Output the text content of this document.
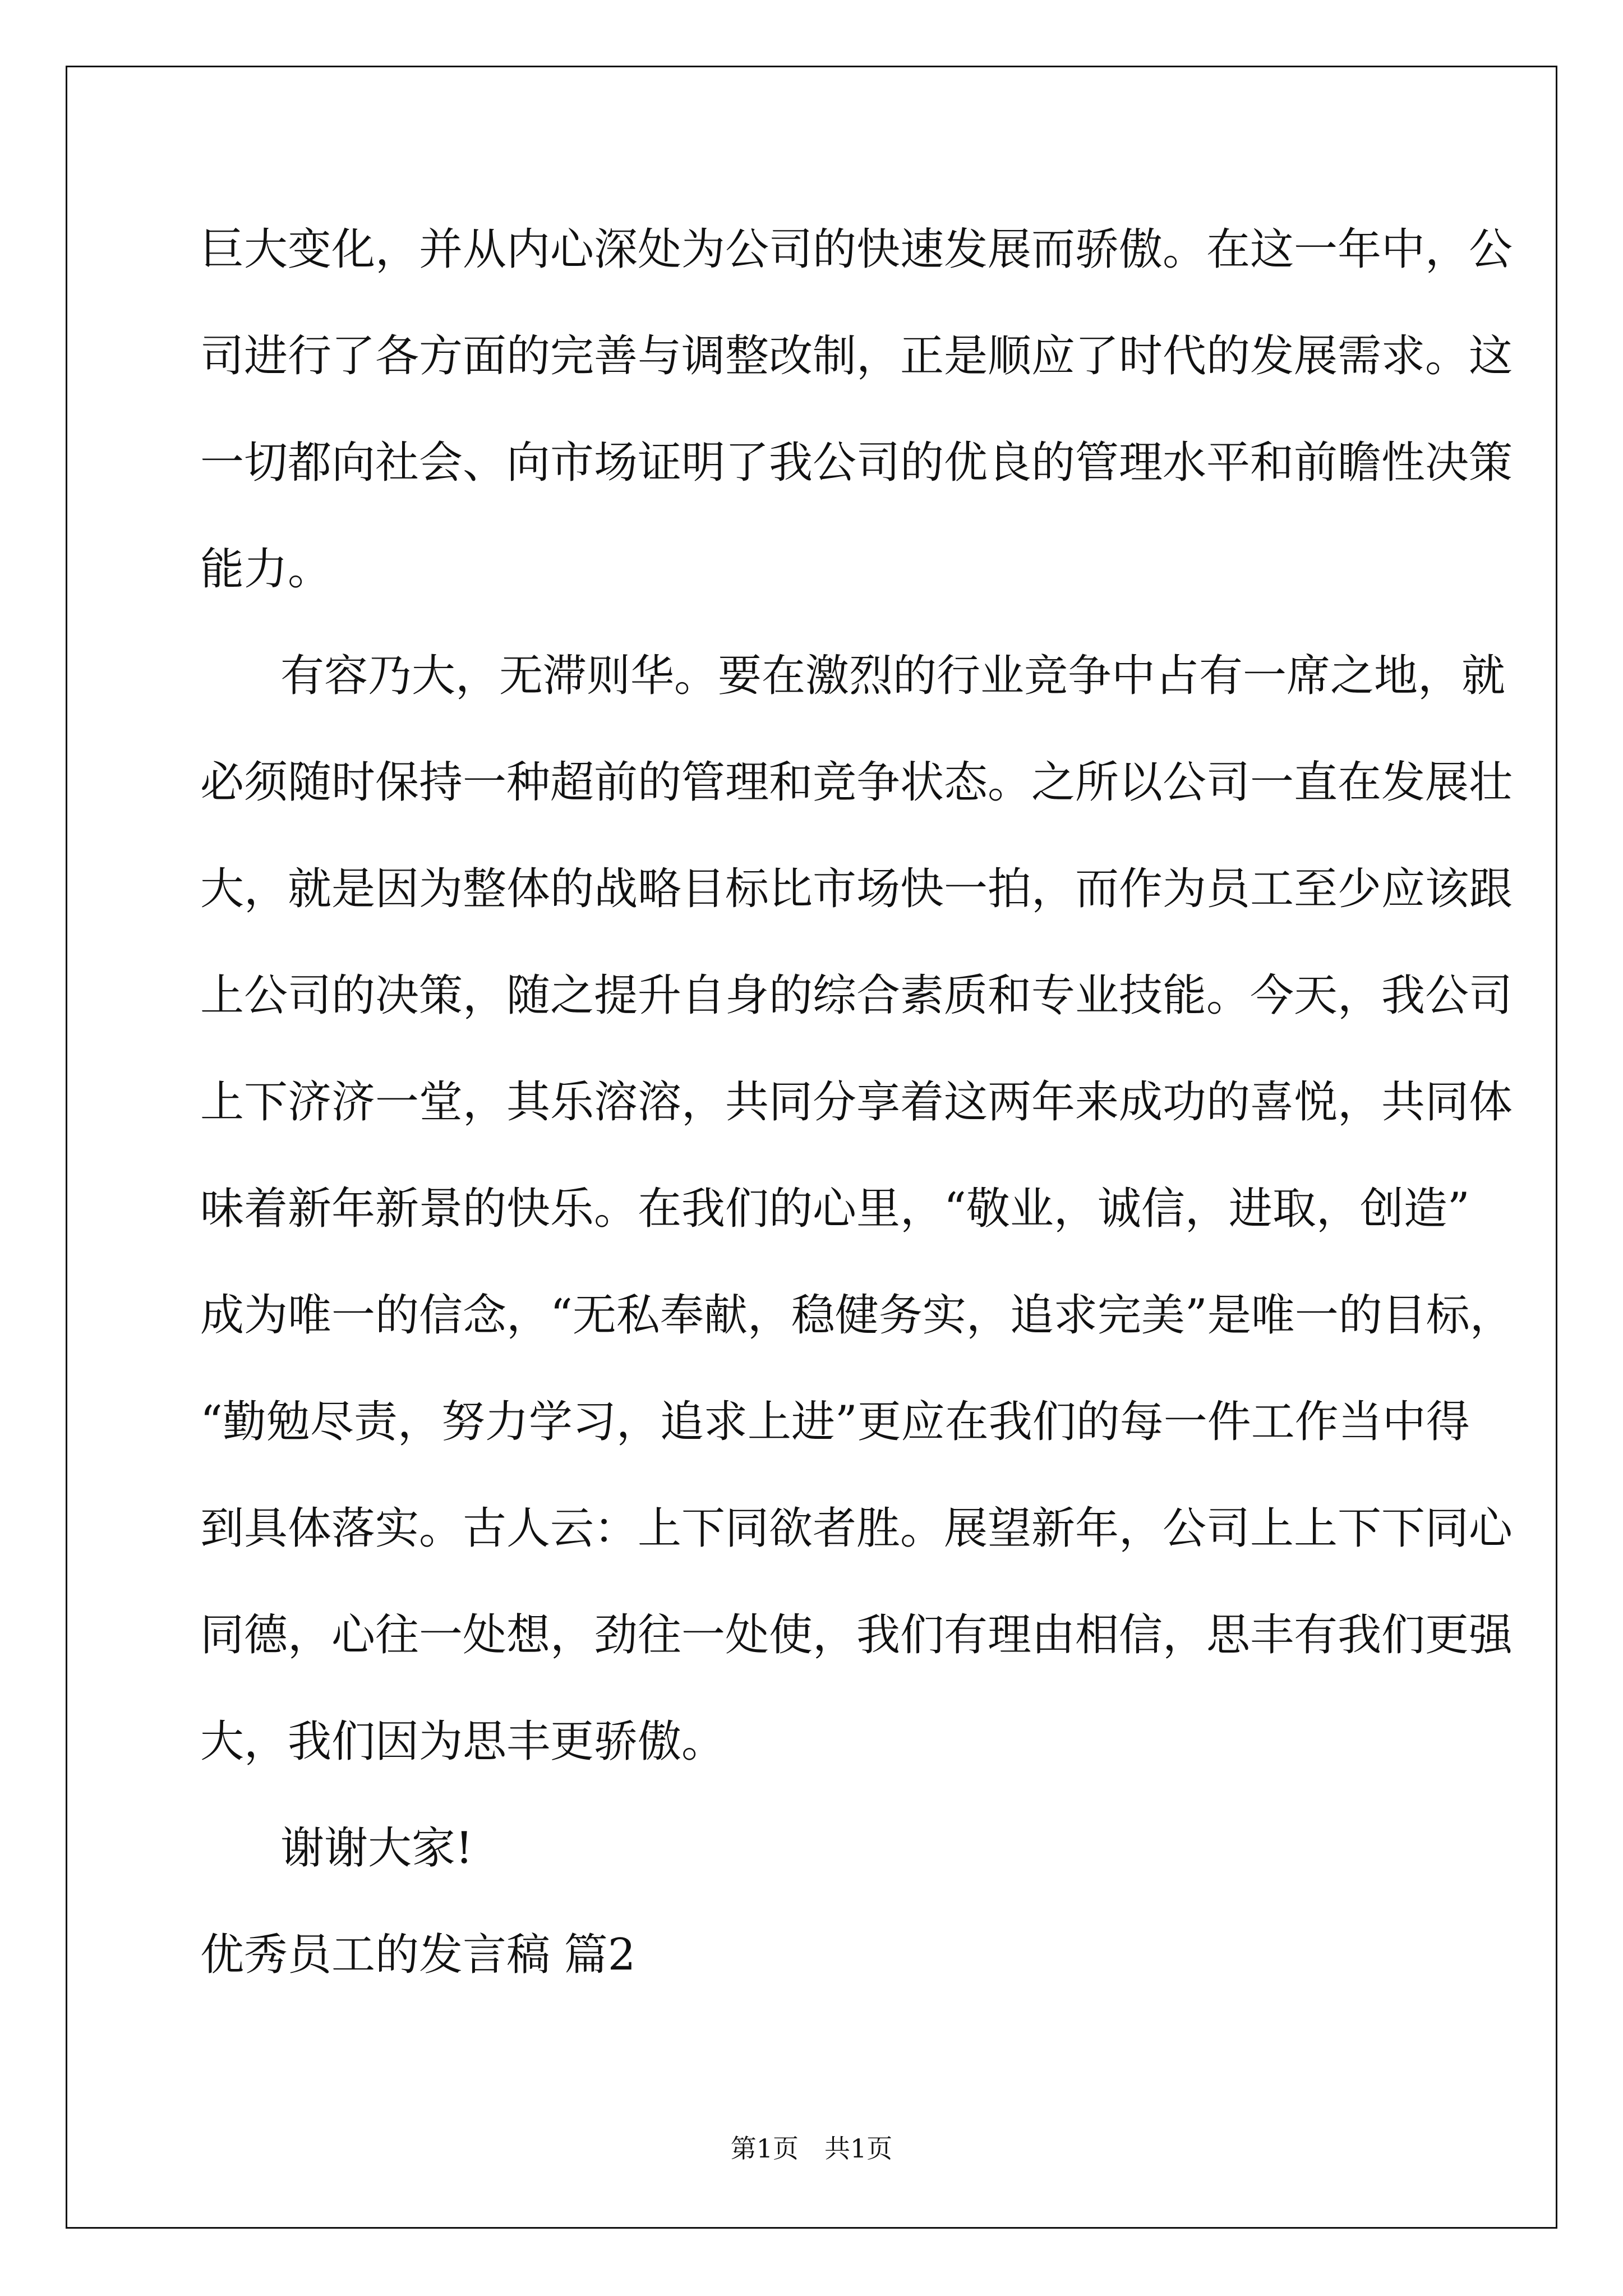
巨大变化，并从内心深处为公司的快速发展而骄傲。在这一年中，公
司进行了各方面的完善与调整改制，正是顺应了时代的发展需求。这
一切都向社会、向市场证明了我公司的优良的管理水平和前瞻性决策
能力。
有容乃大，无滞则华。要在激烈的行业竞争中占有一席之地，就
必须随时保持一种超前的管理和竞争状态。之所以公司一直在发展壮
大，就是因为整体的战略目标比市场快一拍，而作为员工至少应该跟
上公司的决策，随之提升自身的综合素质和专业技能。今天，我公司
上下济济一堂，其乐溶溶，共同分享着这两年来成功的喜悦，共同体
味着新年新景的快乐。在我们的心里，“敬业，诚信，进取，创造”
成为唯一的信念，“无私奉献，稳健务实，追求完美”是唯一的目标，
“勤勉尽责，努力学习，追求上进”更应在我们的每一件工作当中得
到具体落实。古人云：上下同欲者胜。展望新年，公司上上下下同心
同德，心往一处想，劲往一处使，我们有理由相信，思丰有我们更强
大，我们因为思丰更骄傲。
谢谢大家!
优秀员工的发言稿 篇2
第1页　共1页
